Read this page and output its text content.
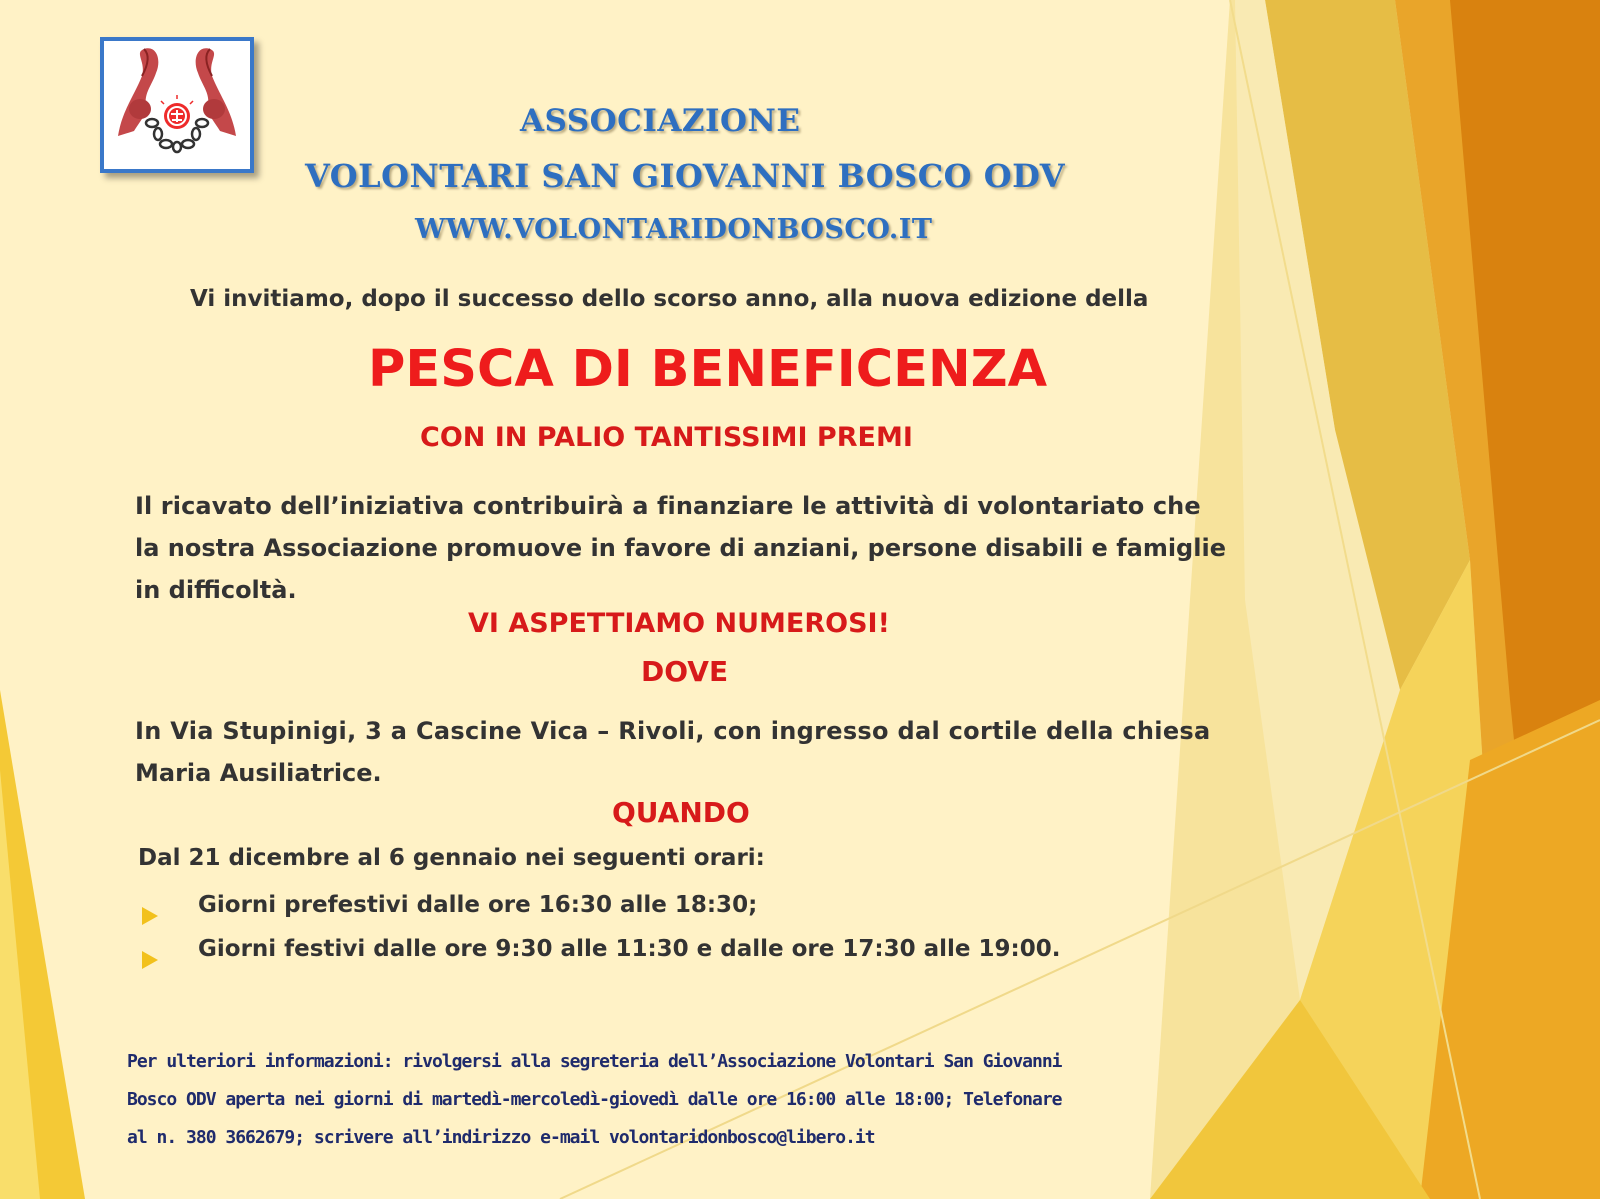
ASSOCIAZIONE
VOLONTARI SAN GIOVANNI BOSCO ODV
WWW.VOLONTARIDONBOSCO.IT
Vi invitiamo, dopo il successo dello scorso anno, alla nuova edizione della
PESCA DI BENEFICENZA
CON IN PALIO TANTISSIMI PREMI
Il ricavato dell’iniziativa contribuirà a finanziare le attività di volontariato che
la nostra Associazione promuove in favore di anziani, persone disabili e famiglie
in difficoltà.
VI ASPETTIAMO NUMEROSI!
DOVE
In Via Stupinigi, 3 a Cascine Vica – Rivoli, con ingresso dal cortile della chiesa
Maria Ausiliatrice.
QUANDO
Dal 21 dicembre al 6 gennaio nei seguenti orari:
Giorni prefestivi dalle ore 16:30 alle 18:30;
Giorni festivi dalle ore 9:30 alle 11:30 e dalle ore 17:30 alle 19:00.
Per ulteriori informazioni: rivolgersi alla segreteria dell’Associazione Volontari San Giovanni
Bosco ODV aperta nei giorni di martedì-mercoledì-giovedì dalle ore 16:00 alle 18:00; Telefonare
al n. 380 3662679; scrivere all’indirizzo e-mail volontaridonbosco@libero.it
